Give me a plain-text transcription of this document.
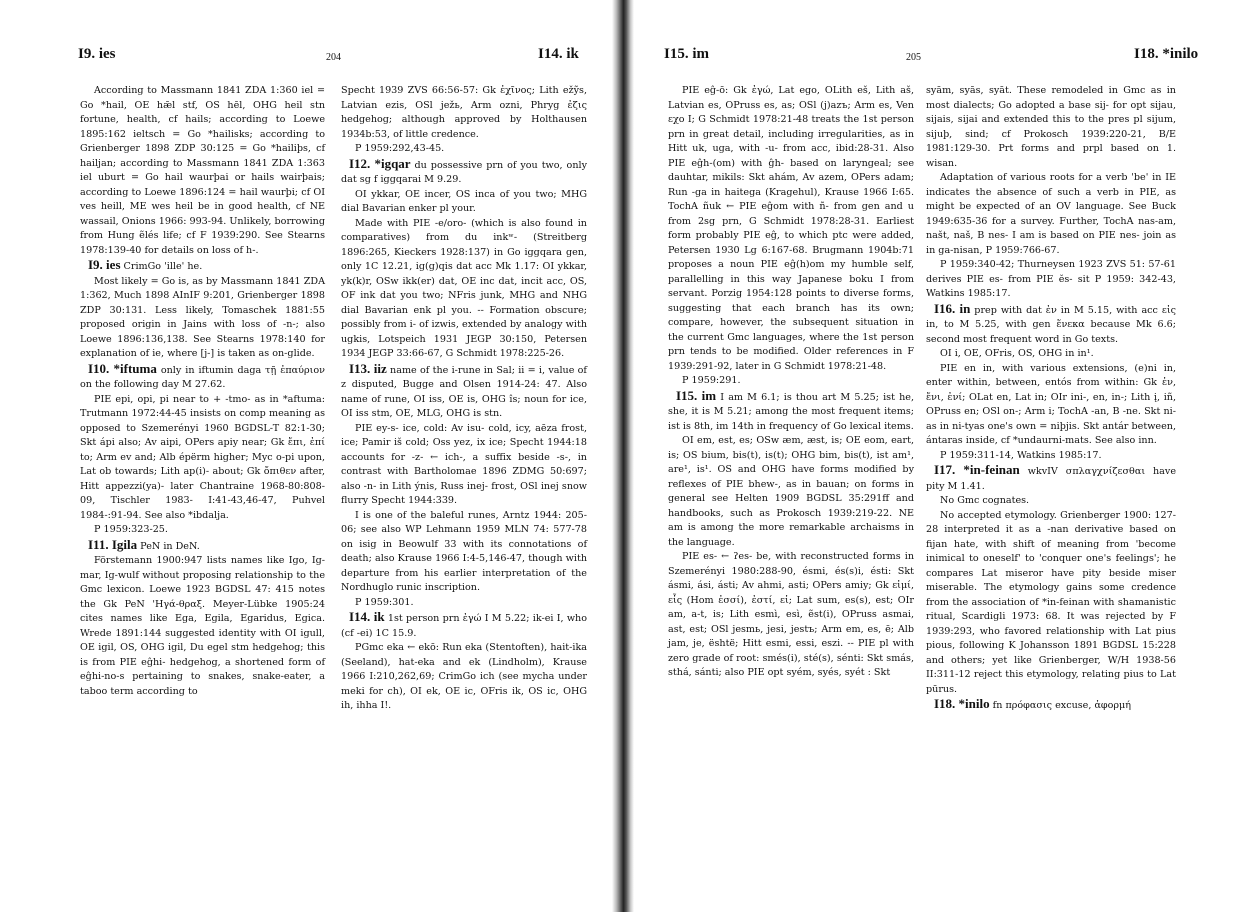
I9. ies	204	I14. ik

According to Massmann 1841 ZDA 1:360 iel = Go *hail, OE hǣl stf, OS hēl, OHG heil stn fortune, health, cf hails; according to Loewe 1895:162 ieltsch = Go *hailisks; according to Grienberger 1898 ZDP 30:125 = Go *hailiþs, cf hailjan; according to Massmann 1841 ZDA 1:363 iel uburt = Go hail waurþai or hails wairþais; according to Loewe 1896:124 = hail waurþi; cf OI ves heill, ME wes heil be in good health, cf NE wassail, Onions 1966: 993-94. Unlikely, borrowing from Hung ẽlés life; cf F 1939:290. See Stearns 1978:139-40 for details on loss of h-.

I9. ies CrimGo 'ille' he.

Most likely = Go is, as by Massmann 1841 ZDA 1:362, Much 1898 AInIF 9:201, Grienberger 1898 ZDP 30:131. Less likely, Tomaschek 1881:55 proposed origin in Jains with loss of -n-; also Loewe 1896:136,138. See Stearns 1978:140 for explanation of ie, where [j-] is taken as on-glide.

I10. *iftuma only in iftumin daga τῇ ἐπαύριον on the following day M 27.62.

PIE epi, opi, pi near to + -tmo- as in *aftuma: Trutmann 1972:44-45 insists on comp meaning as opposed to Szemerényi 1960 BGDSL-T 82:1-30; Skt ápi also; Av aipi, OPers apiy near; Gk ἔπι, ἐπί to; Arm ev and; Alb épërm higher; Myc o-pi upon, Lat ob towards; Lith ap(i)- about; Gk ὄπιθεν after, Hitt appezzi(ya)- later Chantraine 1968-80:808-09, Tischler 1983- I:41-43,46-47, Puhvel 1984-:91-94. See also *ibdalja.

P 1959:323-25.

I11. Igila PeN in DeN.

Förstemann 1900:947 lists names like Igo, Ig-mar, Ig-wulf without proposing relationship to the Gmc lexicon. Loewe 1923 BGDSL 47: 415 notes the Gk PeN 'Ηγά-θραξ. Meyer-Lübke 1905:24 cites names like Ega, Egila, Egaridus, Egica. Wrede 1891:144 suggested identity with OI igull, OE igil, OS, OHG igil, Du egel stm hedgehog; this is from PIE eĝhi- hedgehog, a shortened form of eĝhi-no-s pertaining to snakes, snake-eater, a taboo term according to

Specht 1939 ZVS 66:56-57: Gk ἐχῖνος; Lith ežỹs, Latvian ezis, OSl ježь, Arm ozni, Phryg ἐζις hedgehog; although approved by Holthausen 1934b:53, of little credence.

P 1959:292,43-45.

I12. *igqar du possessive prn of you two, only dat sg f iggqarai M 9.29.

OI ykkar, OE incer, OS inca of you two; MHG dial Bavarian enker pl your.

Made with PIE -e/oro- (which is also found in comparatives) from du inkʷ- (Streitberg 1896:265, Kieckers 1928:137) in Go iggqara gen, only 1C 12.21, ig(g)qis dat acc Mk 1.17: OI ykkar, yk(k)r, OSw ikk(er) dat, OE inc dat, incit acc, OS, OF ink dat you two; NFris junk, MHG and NHG dial Bavarian enk pl you. -- Formation obscure; possibly from i- of izwis, extended by analogy with ugkis, Lotspeich 1931 JEGP 30:150, Petersen 1934 JEGP 33:66-67, G Schmidt 1978:225-26.

I13. iiz name of the i-rune in Sal; ii = i, value of z disputed, Bugge and Olsen 1914-24: 47. Also name of rune, OI iss, OE is, OHG îs; noun for ice, OI iss stm, OE, MLG, OHG is stn.

PIE ey-s- ice, cold: Av isu- cold, icy, aēza frost, ice; Pamir iš cold; Oss yez, ix ice; Specht 1944:18 accounts for -z- ← ich-, a suffix beside -s-, in contrast with Bartholomae 1896 ZDMG 50:697; also -n- in Lith ýnis, Russ inej- frost, OSl inej snow flurry Specht 1944:339.

I is one of the baleful runes, Arntz 1944: 205-06; see also WP Lehmann 1959 MLN 74: 577-78 on isig in Beowulf 33 with its connotations of death; also Krause 1966 I:4-5,146-47, though with departure from his earlier interpretation of the Nordhuglo runic inscription.

P 1959:301.

I14. ik 1st person prn ἐγώ I M 5.22; ik-ei I, who (cf -ei) 1C 15.9.

PGmc eka ← ekō: Run eka (Stentoften), hait-ika (Seeland), hat-eka and ek (Lindholm), Krause 1966 I:210,262,69; CrimGo ich (see mycha under meki for ch), OI ek, OE ic, OFris ik, OS ic, OHG ih, ihha I!.

I15. im	205	I18. *inilo

PIE eĝ-ō: Gk ἐγώ, Lat ego, OLith eš, Lith aš, Latvian es, OPruss es, as; OSl (j)azъ; Arm es, Ven εχο I; G Schmidt 1978:21-48 treats the 1st person prn in great detail, including irregularities, as in Hitt uk, uga, with -u- from acc, ibid:28-31. Also PIE eĝh-(om) with ĝh- based on laryngeal; see dauhtar, mikils: Skt ahám, Av azem, OPers adam; Run -ga in haitega (Kragehul), Krause 1966 I:65. TochA ñuk ← PIE eĝom with ñ- from gen and u from 2sg prn, G Schmidt 1978:28-31. Earliest form probably PIE eĝ, to which ptc were added, Petersen 1930 Lg 6:167-68. Brugmann 1904b:71 proposes a noun PIE eĝ(h)om my humble self, parallelling in this way Japanese boku I from servant. Porzig 1954:128 points to diverse forms, suggesting that each branch has its own; compare, however, the subsequent situation in the current Gmc languages, where the 1st person prn tends to be modified. Older references in F 1939:291-92, later in G Schmidt 1978:21-48.

P 1959:291.

I15. im I am M 6.1; is thou art M 5.25; ist he, she, it is M 5.21; among the most frequent items; ist is 8th, im 14th in frequency of Go lexical items.

OI em, est, es; OSw æm, æst, is; OE eom, eart, is; OS bium, bis(t), is(t); OHG bim, bis(t), ist am¹, are¹, is¹. OS and OHG have forms modified by reflexes of PIE bhew-, as in bauan; on forms in general see Helten 1909 BGDSL 35:291ff and handbooks, such as Prokosch 1939:219-22. NE am is among the more remarkable archaisms in the language.

PIE es- ← ʔes- be, with reconstructed forms in Szemerényi 1980:288-90, ésmi, és(s)i, ésti: Skt ásmi, ási, ásti; Av ahmi, asti; OPers amiy; Gk εἰμί, εἶς (Hom ἐσσί), ἐστί, εἰ; Lat sum, es(s), est; OIr am, a-t, is; Lith esmì, esì, ẽst(i), OPruss asmai, ast, est; OSl jesmь, jesi, jestъ; Arm em, es, ē; Alb jam, je, është; Hitt esmi, essi, eszi. -- PIE pl with zero grade of root: smés(i), sté(s), sénti: Skt smás, sthá, sánti; also PIE opt syém, syés, syét : Skt

syām, syās, syāt. These remodeled in Gmc as in most dialects; Go adopted a base sij- for opt sijau, sijais, sijai and extended this to the pres pl sijum, sijuþ, sind; cf Prokosch 1939:220-21, B/E 1981:129-30. Prt forms and prpl based on 1. wisan.

Adaptation of various roots for a verb 'be' in IE indicates the absence of such a verb in PIE, as might be expected of an OV language. See Buck 1949:635-36 for a survey. Further, TochA nas-am, našt, naš, B nes- I am is based on PIE nes- join as in ga-nisan, P 1959:766-67.

P 1959:340-42; Thurneysen 1923 ZVS 51: 57-61 derives PIE es- from PIE ĕs- sit P 1959: 342-43, Watkins 1985:17.

I16. in prep with dat ἐν in M 5.15, with acc εἰς in, to M 5.25, with gen ἕνεκα because Mk 6.6; second most frequent word in Go texts.

OI i, OE, OFris, OS, OHG in in¹.

PIE en in, with various extensions, (e)ni in, enter within, between, entós from within: Gk ἐν, ἔνι, ἐνί; OLat en, Lat in; OIr ini-, en, in-; Lith į, iñ, OPruss en; OSl on-; Arm i; TochA -an, B -ne. Skt ni- as in ni-tyas one's own = niþjis. Skt antár between, ántaras inside, cf *undaurni-mats. See also inn.

P 1959:311-14, Watkins 1985:17.

I17. *in-feinan wkvIV σπλαγχνίζεσθαι have pity M 1.41.

No Gmc cognates.

No accepted etymology. Grienberger 1900: 127-28 interpreted it as a -nan derivative based on fijan hate, with shift of meaning from 'become inimical to oneself' to 'conquer one's feelings'; he compares Lat miseror have pity beside miser miserable. The etymology gains some credence from the association of *in-feinan with shamanistic ritual, Scardigli 1973: 68. It was rejected by F 1939:293, who favored relationship with Lat pius pious, following K Johansson 1891 BGDSL 15:228 and others; yet like Grienberger, W/H 1938-56 II:311-12 reject this etymology, relating pius to Lat pūrus.

I18. *inilo fn πρόφασις excuse, ἀφορμή
